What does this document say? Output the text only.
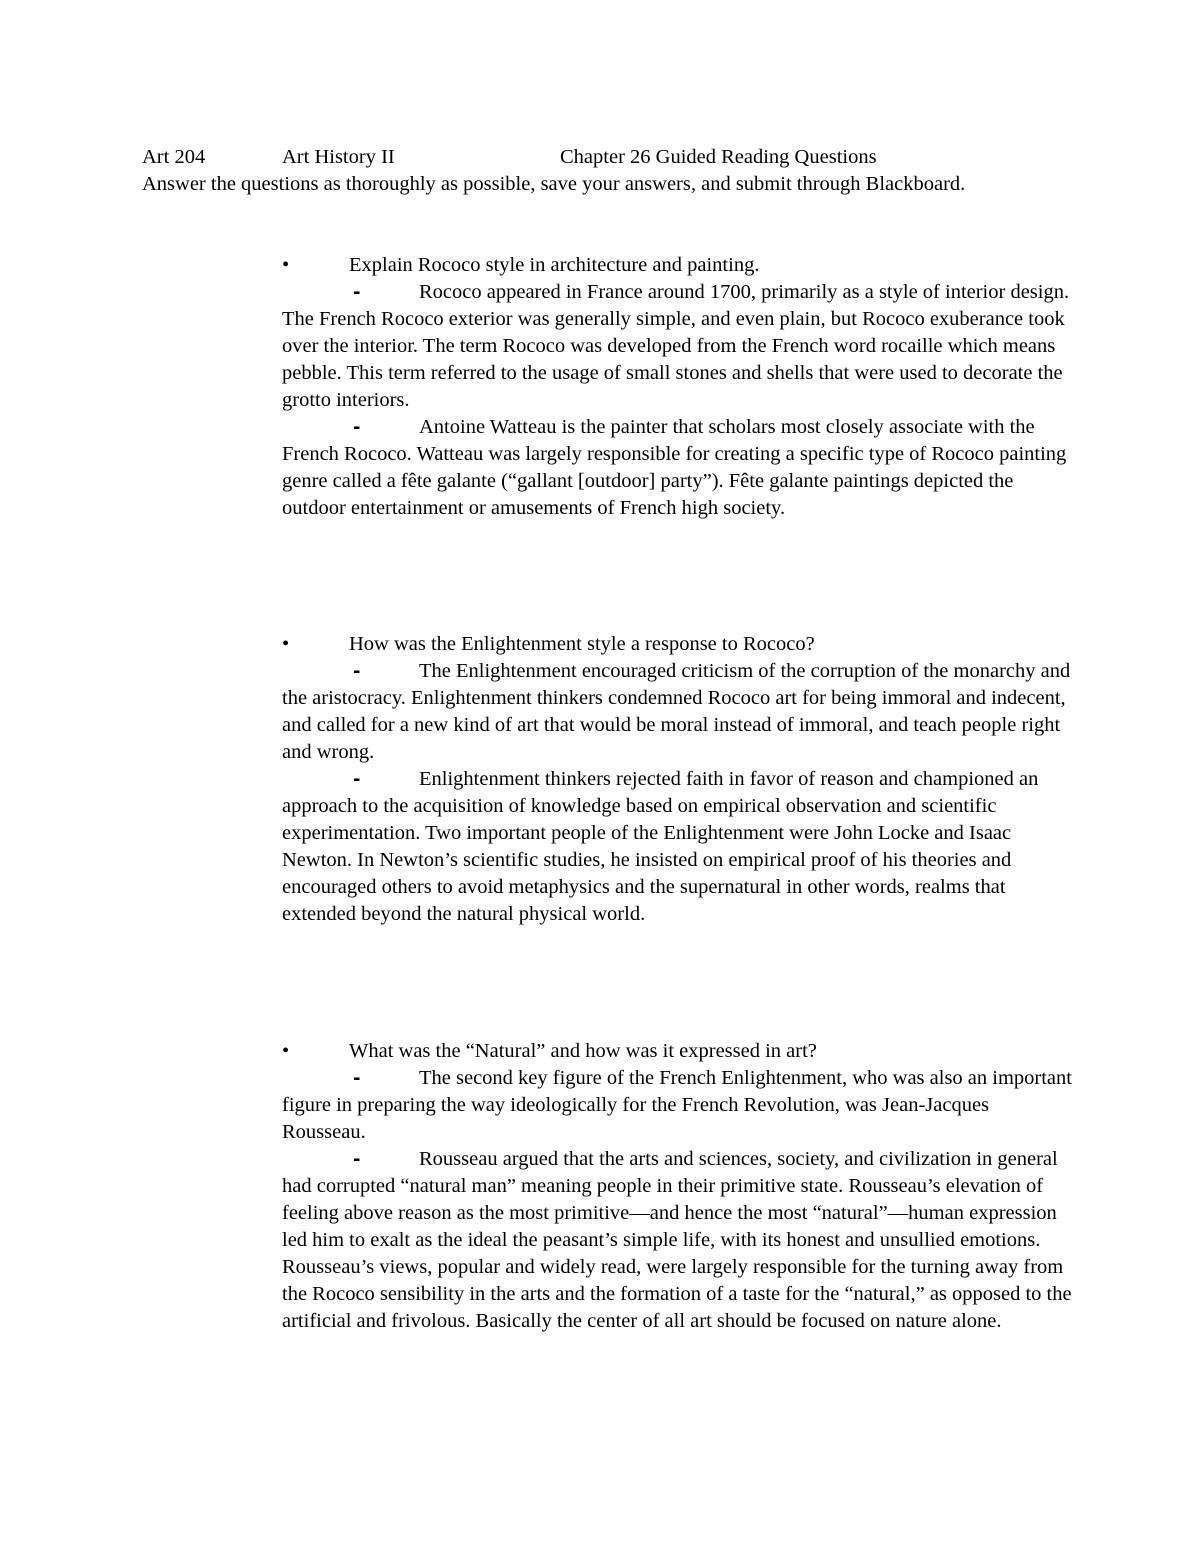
Art 204	Art History II	Chapter 26 Guided Reading Questions
Answer the questions as thoroughly as possible, save your answers, and submit through Blackboard.
•	Explain Rococo style in architecture and painting.

-	Rococo appeared in France around 1700, primarily as a style of interior design. The French Rococo exterior was generally simple, and even plain, but Rococo exuberance took over the interior. The term Rococo was developed from the French word rocaille which means pebble. This term referred to the usage of small stones and shells that were used to decorate the grotto interiors.

-	Antoine Watteau is the painter that scholars most closely associate with the French Rococo. Watteau was largely responsible for creating a specific type of Rococo painting genre called a fête galante (“gallant [outdoor] party”). Fête galante paintings depicted the outdoor entertainment or amusements of French high society.

•	How was the Enlightenment style a response to Rococo?

-	The Enlightenment encouraged criticism of the corruption of the monarchy and the aristocracy. Enlightenment thinkers condemned Rococo art for being immoral and indecent, and called for a new kind of art that would be moral instead of immoral, and teach people right and wrong.

-	Enlightenment thinkers rejected faith in favor of reason and championed an approach to the acquisition of knowledge based on empirical observation and scientific experimentation. Two important people of the Enlightenment were John Locke and Isaac Newton. In Newton’s scientific studies, he insisted on empirical proof of his theories and encouraged others to avoid metaphysics and the supernatural in other words, realms that extended beyond the natural physical world.

•	What was the “Natural” and how was it expressed in art?

-	The second key figure of the French Enlightenment, who was also an important figure in preparing the way ideologically for the French Revolution, was Jean-Jacques Rousseau.

-	Rousseau argued that the arts and sciences, society, and civilization in general had corrupted “natural man” meaning people in their primitive state. Rousseau’s elevation of feeling above reason as the most primitive—and hence the most “natural”—human expression led him to exalt as the ideal the peasant’s simple life, with its honest and unsullied emotions. Rousseau’s views, popular and widely read, were largely responsible for the turning away from the Rococo sensibility in the arts and the formation of a taste for the “natural,” as opposed to the artificial and frivolous. Basically the center of all art should be focused on nature alone.
